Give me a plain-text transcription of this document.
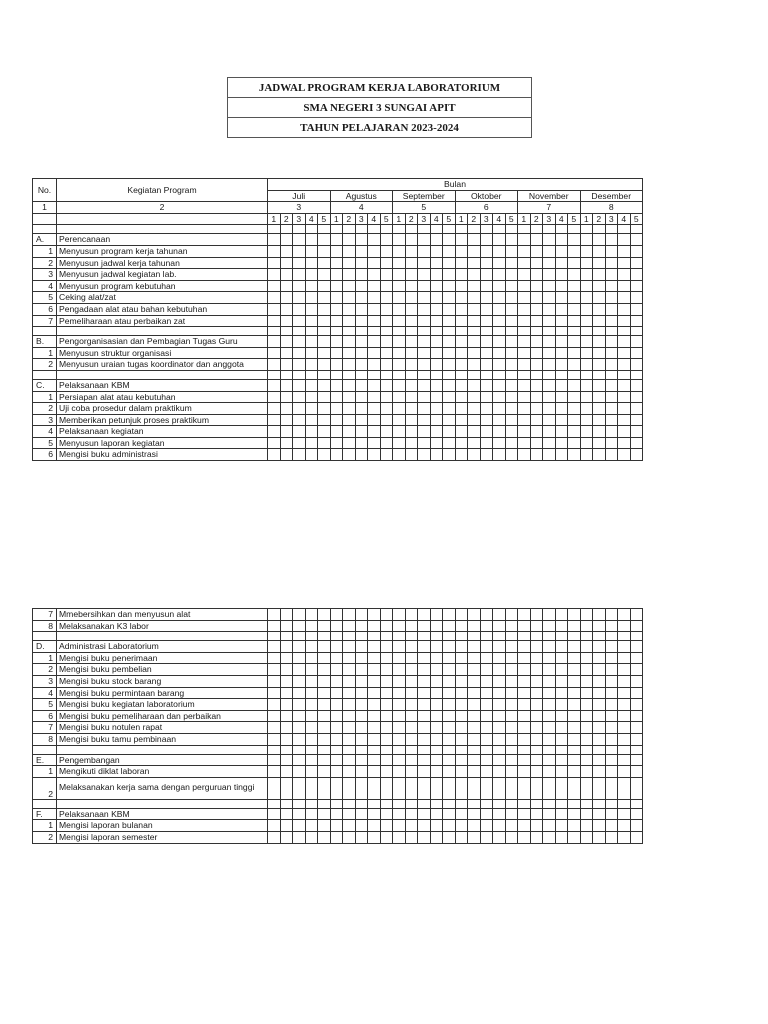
JADWAL PROGRAM KERJA LABORATORIUM
SMA NEGERI 3 SUNGAI APIT
TAHUN PELAJARAN 2023-2024
No.	Kegiatan Program	Bulan																													
		Juli					Agustus					September					Oktober					November					Desember				
1	2	3					4					5					6					7					8				
		1	2	3	4	5	1	2	3	4	5	1	2	3	4	5	1	2	3	4	5	1	2	3	4	5	1	2	3	4	5

A.	Perencanaan																														
1	Menyusun program kerja tahunan																														
2	Menyusun jadwal kerja tahunan																														
3	Menyusun jadwal kegiatan lab.																														
4	Menyusun program kebutuhan																														
5	Ceking alat/zat																														
6	Pengadaan alat atau bahan kebutuhan																														
7	Pemeliharaan atau perbaikan zat																														

B.	Pengorganisasian dan Pembagian Tugas Guru																														
1	Menyusun struktur organisasi																														
2	Menyusun uraian tugas koordinator dan anggota																														

C.	Pelaksanaan KBM																														
1	Persiapan alat atau kebutuhan																														
2	Uji coba prosedur dalam praktikum																														
3	Memberikan petunjuk proses praktikum																														
4	Pelaksanaan kegiatan																														
5	Menyusun laporan kegiatan																														
6	Mengisi buku administrasi																														
7	Mmebersihkan dan menyusun alat																														
8	Melaksanakan K3 labor																														

D.	Administrasi Laboratorium																														
1	Mengisi buku penerimaan																														
2	Mengisi buku pembelian																														
3	Mengisi buku stock barang																														
4	Mengisi buku permintaan barang																														
5	Mengisi buku kegiatan laboratorium																														
6	Mengisi buku pemeliharaan dan perbaikan																														
7	Mengisi buku notulen rapat																														
8	Mengisi buku tamu pembinaan																														

E.	Pengembangan																														
1	Mengikuti diklat laboran																														
2	Melaksanakan kerja sama dengan perguruan tinggi																														

F.	Pelaksanaan KBM																														
1	Mengisi laporan bulanan																														
2	Mengisi laporan semester																														
